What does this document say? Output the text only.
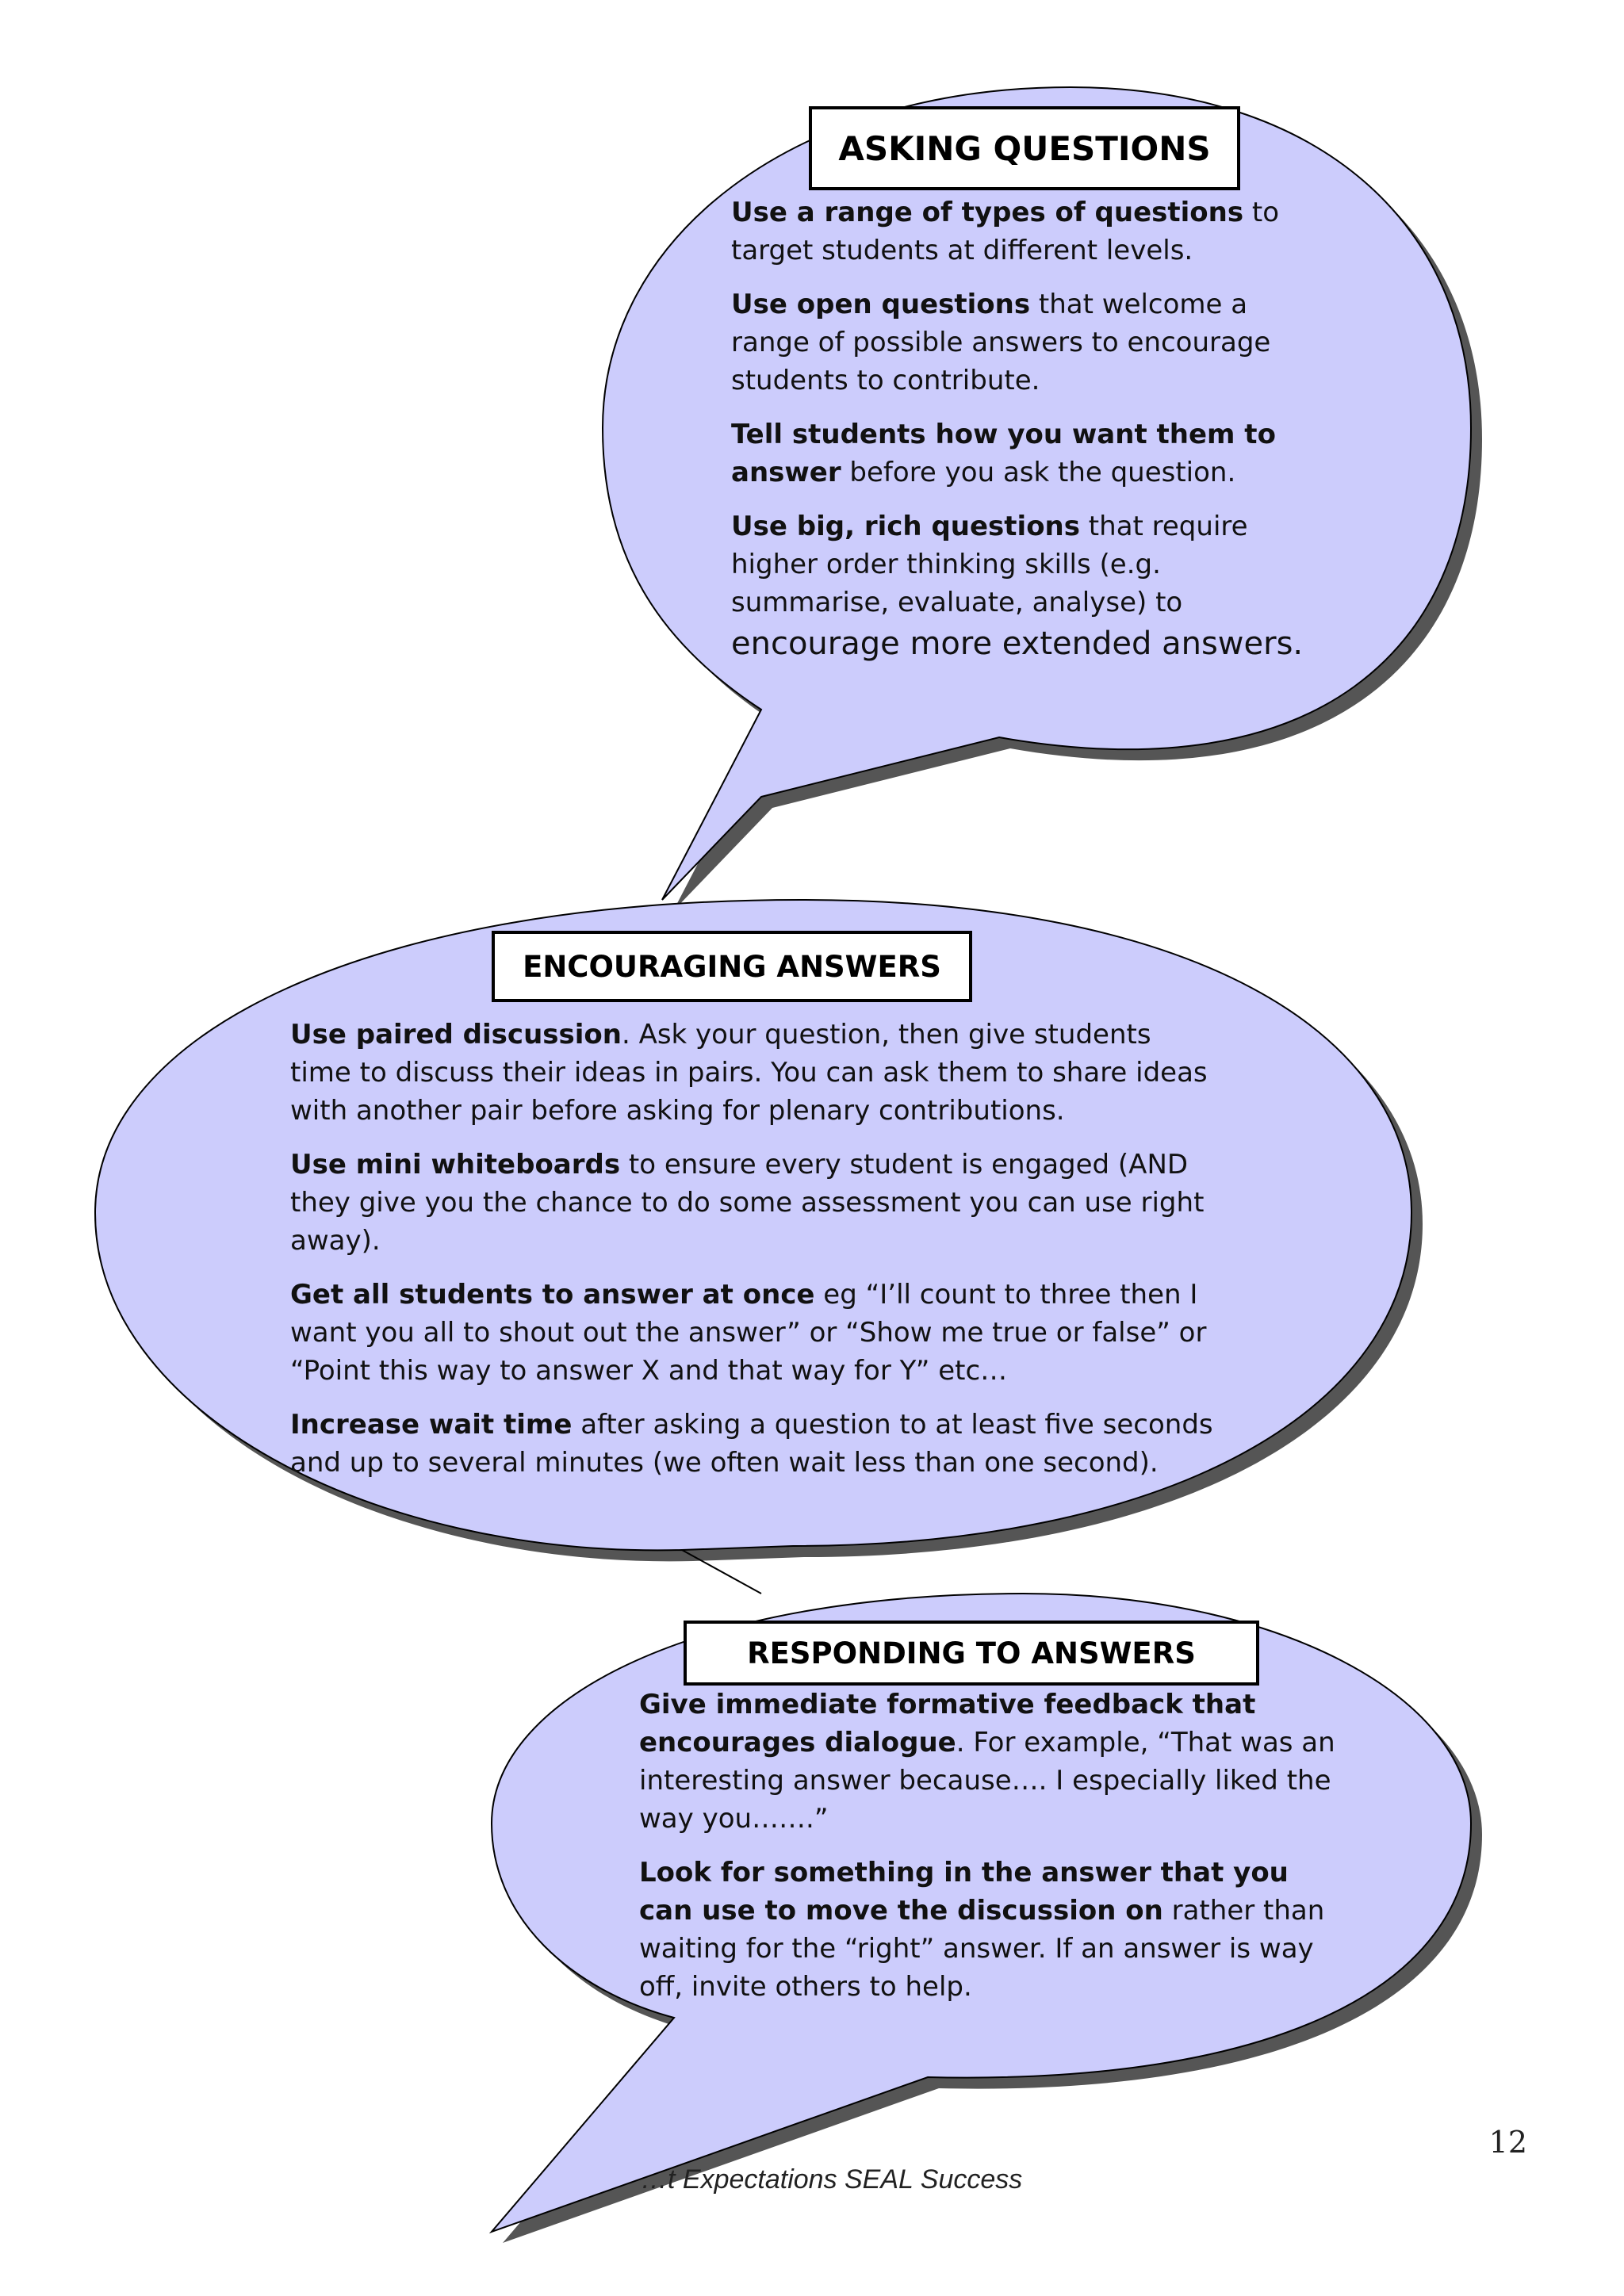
ASKING QUESTIONS

Use a range of types of questions to target students at different levels.

Use open questions that welcome a range of possible answers to encourage students to contribute.

Tell students how you want them to answer before you ask the question.

Use big, rich questions that require higher order thinking skills (e.g. summarise, evaluate, analyse) to encourage more extended answers.

ENCOURAGING ANSWERS

Use paired discussion. Ask your question, then give students time to discuss their ideas in pairs. You can ask them to share ideas with another pair before asking for plenary contributions.

Use mini whiteboards to ensure every student is engaged (AND they give you the chance to do some assessment you can use right away).

Get all students to answer at once eg “I’ll count to three then I want you all to shout out the answer” or “Show me true or false” or “Point this way to answer X and that way for Y” etc…

Increase wait time after asking a question to at least five seconds and up to several minutes (we often wait less than one second).

RESPONDING TO ANSWERS

Give immediate formative feedback that encourages dialogue. For example, “That was an interesting answer because…. I especially liked the way you…….”

Look for something in the answer that you can use to move the discussion on rather than waiting for the “right” answer. If an answer is way off, invite others to help.

12
…t Expectations SEAL Success
